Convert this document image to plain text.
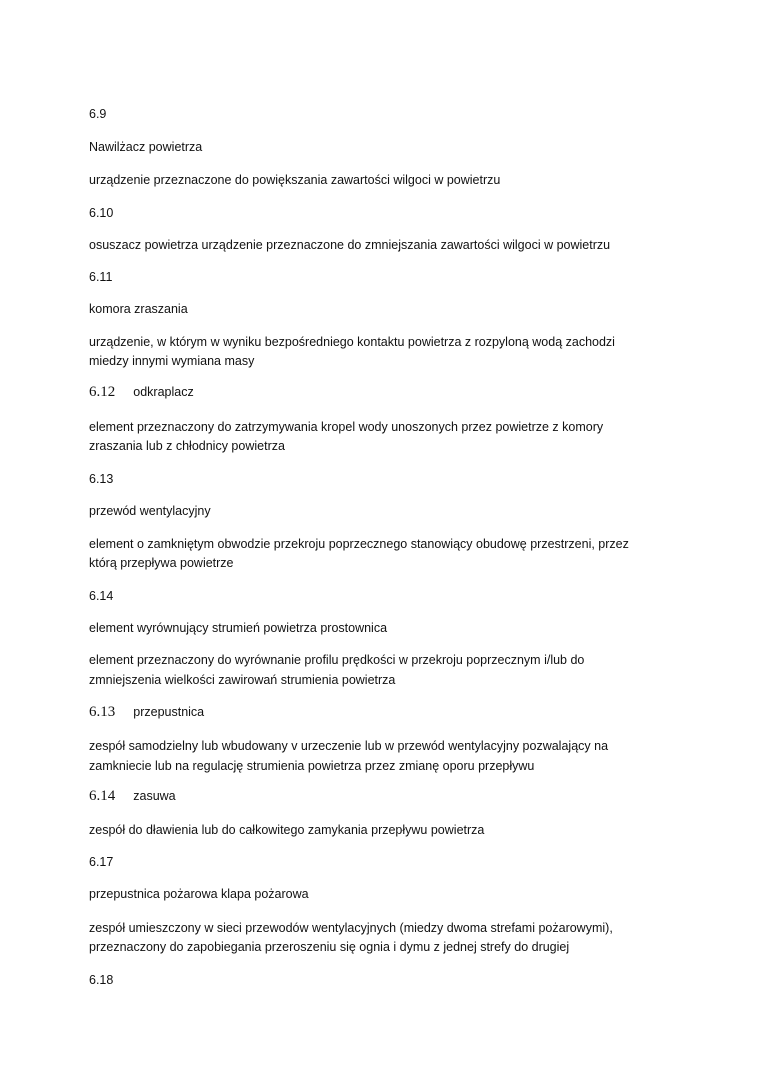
6.9
Nawilżacz powietrza
urządzenie przeznaczone do powiększania zawartości wilgoci w powietrzu
6.10
osuszacz powietrza urządzenie przeznaczone do zmniejszania zawartości wilgoci w powietrzu
6.11
komora zraszania
urządzenie, w którym w wyniku bezpośredniego kontaktu powietrza z rozpyloną wodą zachodzi
miedzy innymi wymiana masy
6.12 odkraplacz
element przeznaczony do zatrzymywania kropel wody unoszonych przez powietrze z komory
zraszania lub z chłodnicy powietrza
6.13
przewód wentylacyjny
element o zamkniętym obwodzie przekroju poprzecznego stanowiący obudowę przestrzeni, przez
którą przepływa powietrze
6.14
element wyrównujący strumień powietrza prostownica
element przeznaczony do wyrównanie profilu prędkości w przekroju poprzecznym i/lub do
zmniejszenia wielkości zawirowań strumienia powietrza
6.13 przepustnica
zespół samodzielny lub wbudowany v urzeczenie lub w przewód wentylacyjny pozwalający na
zamkniecie lub na regulację strumienia powietrza przez zmianę oporu przepływu
6.14 zasuwa
zespół do dławienia lub do całkowitego zamykania przepływu powietrza
6.17
przepustnica pożarowa klapa pożarowa
zespół umieszczony w sieci przewodów wentylacyjnych (miedzy dwoma strefami pożarowymi),
przeznaczony do zapobiegania przeroszeniu się ognia i dymu z jednej strefy do drugiej
6.18
